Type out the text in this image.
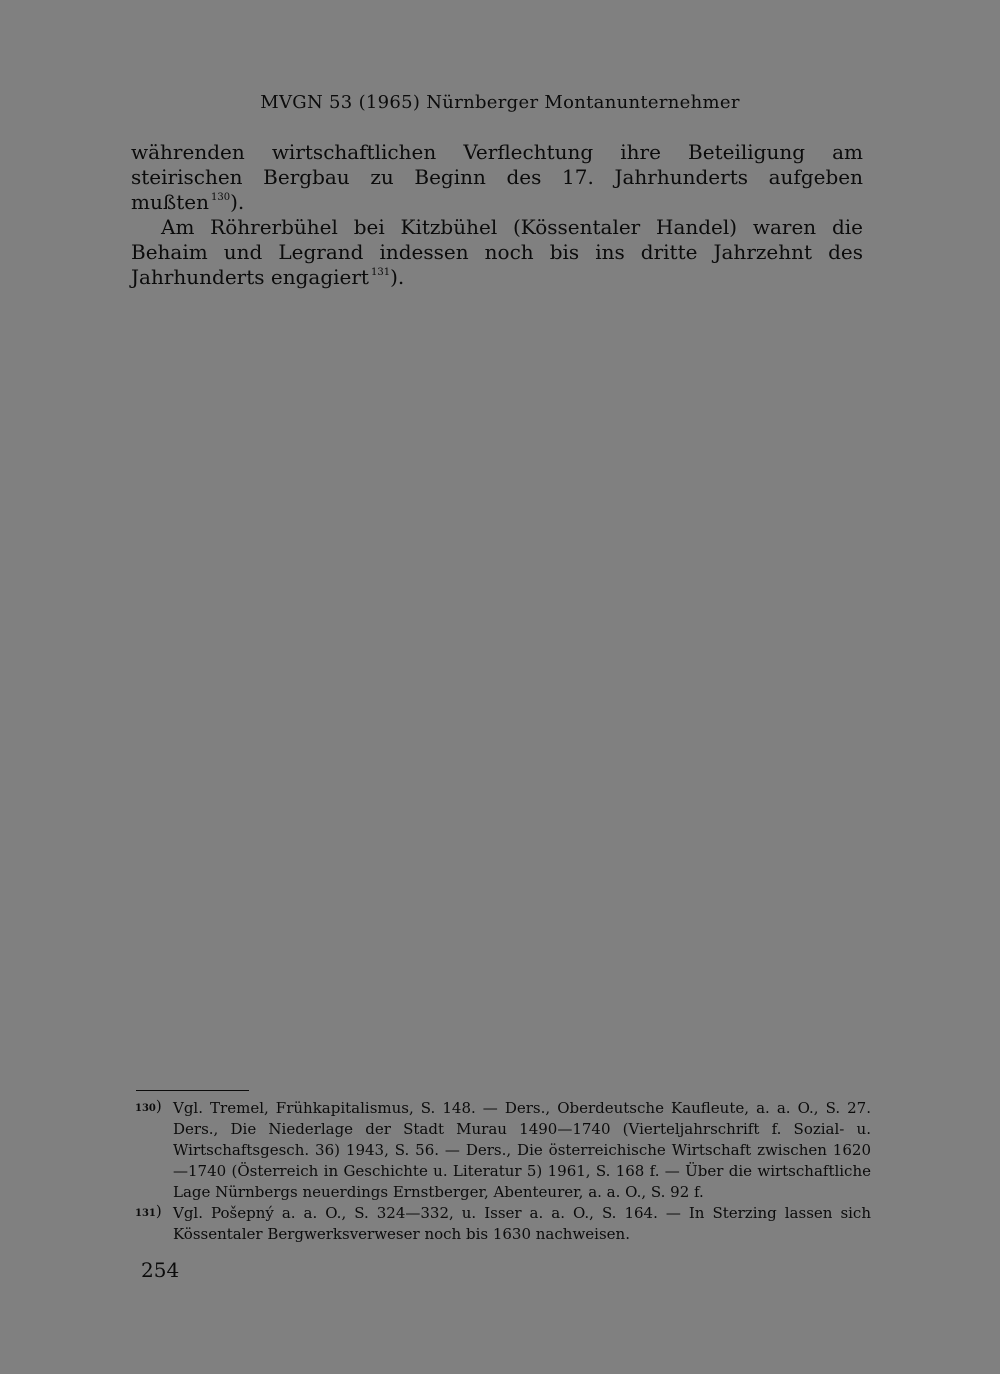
MVGN 53 (1965) Nürnberger Montanunternehmer

währenden wirtschaftlichen Verflechtung ihre Beteiligung am steirischen Bergbau zu Beginn des 17. Jahrhunderts aufgeben mußten $^{130}$).

Am Röhrerbühel bei Kitzbühel (Kössentaler Handel) waren die Behaim und Legrand indessen noch bis ins dritte Jahrzehnt des Jahrhunderts engagiert $^{131}$).

130) Vgl. Tremel, Frühkapitalismus, S. 148. — Ders., Oberdeutsche Kaufleute, a. a. O., S. 27. Ders., Die Niederlage der Stadt Murau 1490—1740 (Vierteljahrschrift f. Sozial- u. Wirtschaftsgesch. 36) 1943, S. 56. — Ders., Die österreichische Wirtschaft zwischen 1620—1740 (Österreich in Geschichte u. Literatur 5) 1961, S. 168 f. — Über die wirtschaftliche Lage Nürnbergs neuerdings Ernstberger, Abenteurer, a. a. O., S. 92 f.

131) Vgl. Pošepný a. a. O., S. 324—332, u. Isser a. a. O., S. 164. — In Sterzing lassen sich Kössentaler Bergwerksverweser noch bis 1630 nachweisen.

254
